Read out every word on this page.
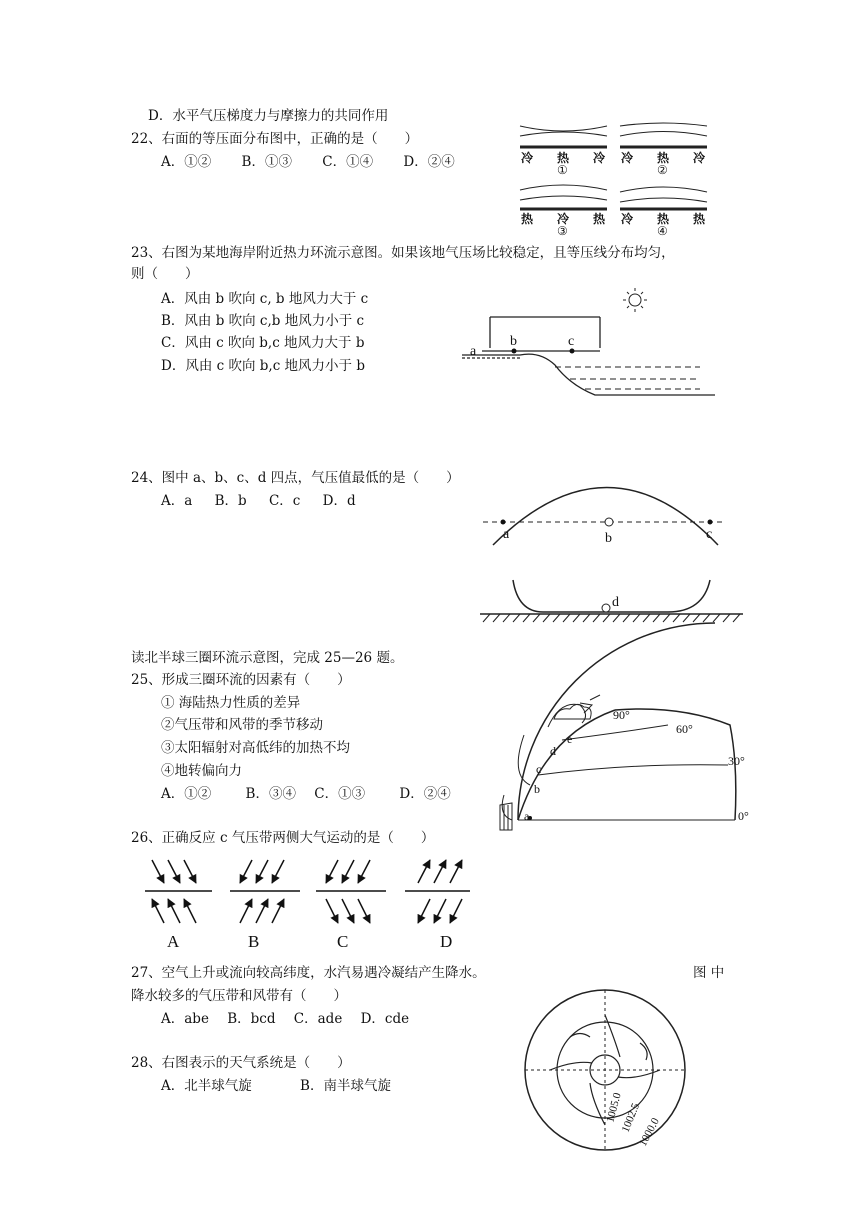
D．水平气压梯度力与摩擦力的共同作用
22、右面的等压面分布图中，正确的是（　　）
A．①② B．①③ C．①④ D．②④	冷 热 冷
①
冷 热 冷
②
热 冷 热
③
冷 热 热
④
23、右图为某地海岸附近热力环流示意图。如果该地气压场比较稳定，且等压线分布均匀，
则（　　）
A．风由 b 吹向 c, b 地风力大于 c
B．风由 b 吹向 c,b 地风力小于 c
C．风由 c 吹向 b,c 地风力大于 b
D．风由 c 吹向 b,c 地风力小于 b
a
b	c
24、图中 a、b、c、d 四点，气压值最低的是（　　）
A．a B．b C．c D．d
a	b	c
d
读北半球三圈环流示意图，完成 25—26 题。
25、形成三圈环流的因素有（　　）
① 海陆热力性质的差异
②气压带和风带的季节移动
③太阳辐射对高低纬的加热不均
④地转偏向力
A．①②	B．③④ C．①③	D．②④
a
b
c
d
e
90°
60°
30°
0°
26、正确反应 c 气压带两侧大气运动的是（　　）
A	B	C	D
27、空气上升或流向较高纬度，水汽易遇冷凝结产生降水。	图 中
降水较多的气压带和风带有（　　）
A．abe B．bcd C．ade D．cde
28、右图表示的天气系统是（　　）
A．北半球气旋	B．南半球气旋
1005.0
1002.5
1000.0
